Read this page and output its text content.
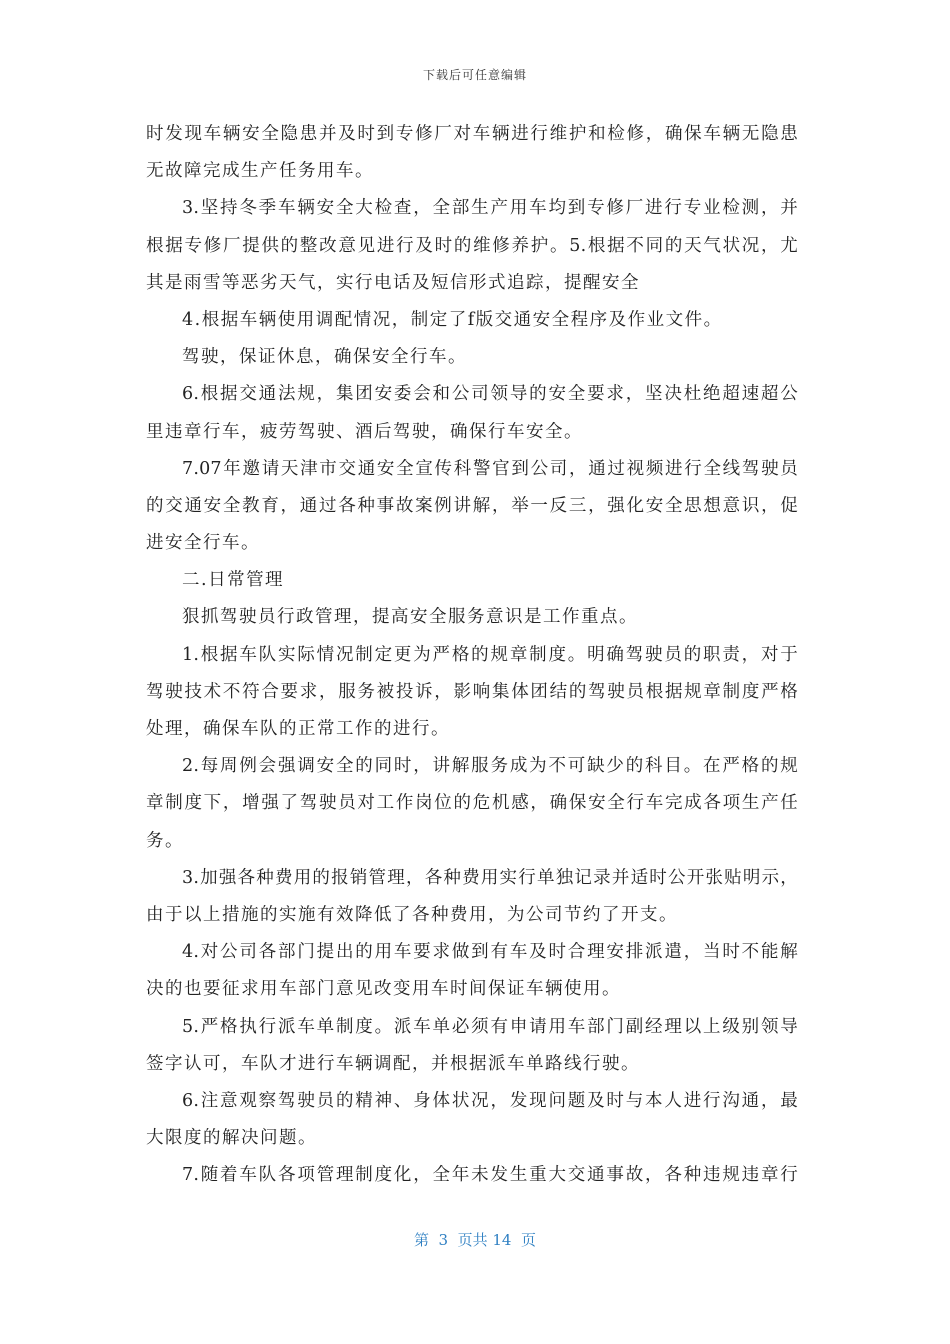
下载后可任意编辑
时发现车辆安全隐患并及时到专修厂对车辆进行维护和检修，确保车辆无隐患
无故障完成生产任务用车。
3.坚持冬季车辆安全大检查，全部生产用车均到专修厂进行专业检测，并
根据专修厂提供的整改意见进行及时的维修养护。5.根据不同的天气状况，尤
其是雨雪等恶劣天气，实行电话及短信形式追踪，提醒安全
4.根据车辆使用调配情况，制定了f版交通安全程序及作业文件。
驾驶，保证休息，确保安全行车。
6.根据交通法规，集团安委会和公司领导的安全要求，坚决杜绝超速超公
里违章行车，疲劳驾驶、酒后驾驶，确保行车安全。
7.07年邀请天津市交通安全宣传科警官到公司，通过视频进行全线驾驶员
的交通安全教育，通过各种事故案例讲解，举一反三，强化安全思想意识，促
进安全行车。
二.日常管理
狠抓驾驶员行政管理，提高安全服务意识是工作重点。
1.根据车队实际情况制定更为严格的规章制度。明确驾驶员的职责，对于
驾驶技术不符合要求，服务被投诉，影响集体团结的驾驶员根据规章制度严格
处理，确保车队的正常工作的进行。
2.每周例会强调安全的同时，讲解服务成为不可缺少的科目。在严格的规
章制度下，增强了驾驶员对工作岗位的危机感，确保安全行车完成各项生产任
务。
3.加强各种费用的报销管理，各种费用实行单独记录并适时公开张贴明示，
由于以上措施的实施有效降低了各种费用，为公司节约了开支。
4.对公司各部门提出的用车要求做到有车及时合理安排派遣，当时不能解
决的也要征求用车部门意见改变用车时间保证车辆使用。
5.严格执行派车单制度。派车单必须有申请用车部门副经理以上级别领导
签字认可，车队才进行车辆调配，并根据派车单路线行驶。
6.注意观察驾驶员的精神、身体状况，发现问题及时与本人进行沟通，最
大限度的解决问题。
7.随着车队各项管理制度化，全年未发生重大交通事故，各种违规违章行
第  3  页共 14  页
